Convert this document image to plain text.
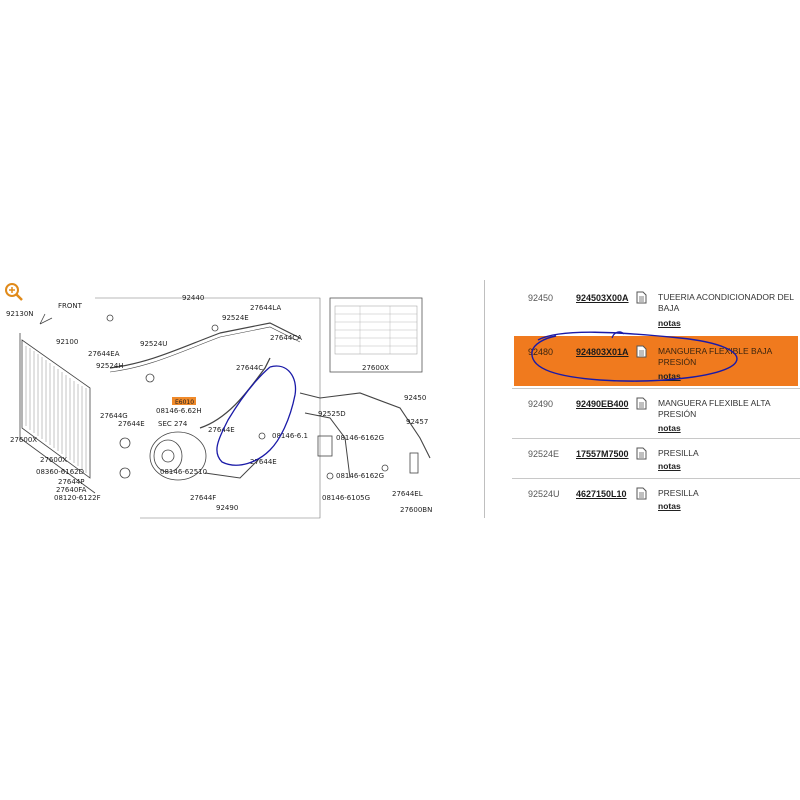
E6010
FRONT
92130N
92100
92440
92524E
27644LA
27644EA
92524U
27644CA
92524H
27644G
27644E
27644C
27600X
08146-6.62H
SEC 274
27644E
27644E
92450
92457
92525D
08146-6.1	08146-6162G
08146-6162G
27600X
08360-6162D
27644P
27640FA
08120-6122F
08146-62510
27644F
92490
27644EL
08146-6105G
27600BN
27600X
92450	924503X00A	TUEERIA ACONDICIONADOR DEL BAJA
notas
92480	924803X01A	MANGUERA FLEXIBLE BAJA PRESIÓN
notas
92490	92490EB400	MANGUERA FLEXIBLE ALTA PRESIÓN
notas
92524E 17557M7500	PRESILLA
notas
92524U 4627150L10	PRESILLA
notas
